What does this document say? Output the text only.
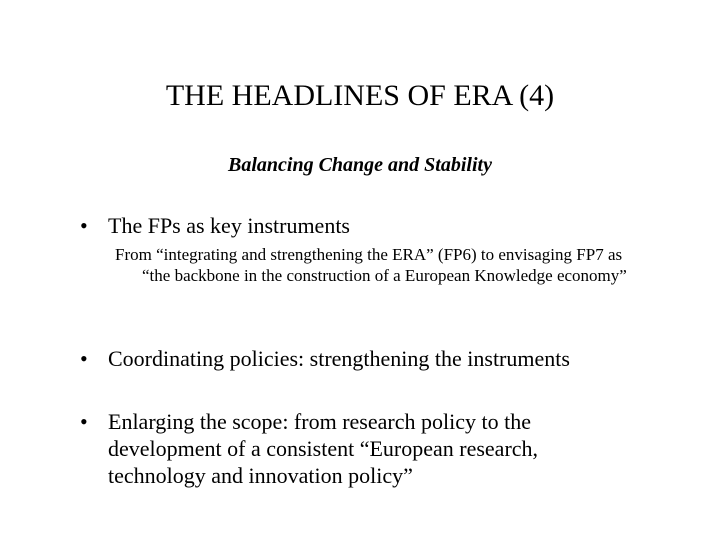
THE HEADLINES OF ERA (4)
Balancing Change and Stability
• The FPs as key instruments
From “integrating and strengthening the ERA” (FP6) to envisaging FP7 as “the backbone in the construction of a European Knowledge economy”
• Coordinating policies: strengthening the instruments
• Enlarging the scope: from research policy to the development of a consistent “European research, technology and innovation policy”
